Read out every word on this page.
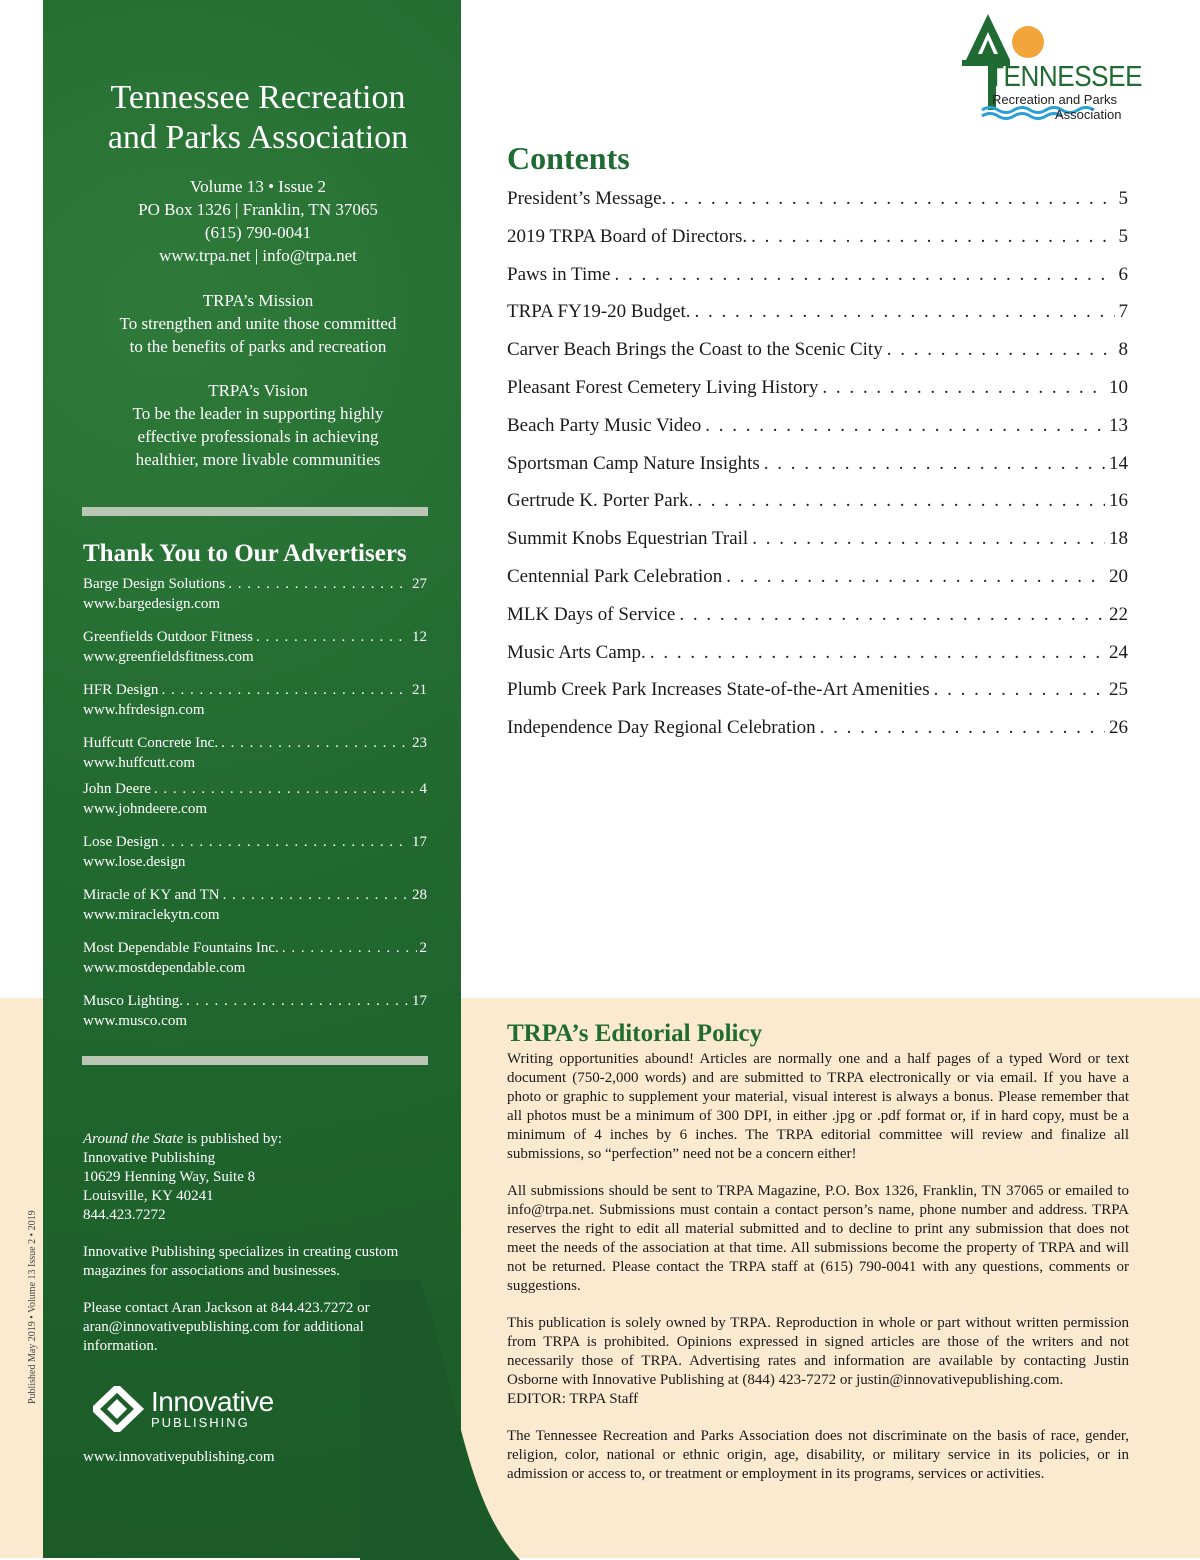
Published May 2019 • Volume 13 Issue 2 • 2019
Tennessee Recreation
and Parks Association
Volume 13 • Issue 2
PO Box 1326 | Franklin, TN 37065
(615) 790-0041
www.trpa.net | info@trpa.net
TRPA’s Mission
To strengthen and unite those committed
to the benefits of parks and recreation
TRPA’s Vision
To be the leader in supporting highly
effective professionals in achieving
healthier, more livable communities
Thank You to Our Advertisers
Barge Design Solutions . . .	27
www.bargedesign.com
Greenfields Outdoor Fitness . . .	12
www.greenfieldsfitness.com
HFR Design . . .	21
www.hfrdesign.com
Huffcutt Concrete Inc. . . .	23
www.huffcutt.com
John Deere . . .	4
www.johndeere.com
Lose Design . . .	17
www.lose.design
Miracle of KY and TN . . .	28
www.miraclekytn.com
Most Dependable Fountains Inc. . . .	2
www.mostdependable.com
Musco Lighting. . . .	17
www.musco.com

Around the State is published by:
Innovative Publishing
10629 Henning Way, Suite 8
Louisville, KY 40241
844.423.7272

Innovative Publishing specializes in creating custom magazines for associations and businesses.

Please contact Aran Jackson at 844.423.7272 or aran@innovativepublishing.com for additional information.

Innovative
PUBLISHING
www.innovativepublishing.com
TENNESSEE
Recreation and Parks
Association
Contents
President’s Message. . . .	5
2019 TRPA Board of Directors. . . .	5
Paws in Time . . .	6
TRPA FY19-20 Budget. . . .	7
Carver Beach Brings the Coast to the Scenic City . . .	8
Pleasant Forest Cemetery Living History . . .	10
Beach Party Music Video . . .	13
Sportsman Camp Nature Insights . . .	14
Gertrude K. Porter Park. . . .	16
Summit Knobs Equestrian Trail . . .	18
Centennial Park Celebration . . .	20
MLK Days of Service . . .	22
Music Arts Camp. . . .	24
Plumb Creek Park Increases State-of-the-Art Amenities . . .	25
Independence Day Regional Celebration . . .	26
TRPA’s Editorial Policy

Writing opportunities abound! Articles are normally one and a half pages of a typed Word or text document (750-2,000 words) and are submitted to TRPA electronically or via email. If you have a photo or graphic to supplement your material, visual interest is always a bonus. Please remember that all photos must be a minimum of 300 DPI, in either .jpg or .pdf format or, if in hard copy, must be a minimum of 4 inches by 6 inches. The TRPA editorial committee will review and finalize all submissions, so “perfection” need not be a concern either!

All submissions should be sent to TRPA Magazine, P.O. Box 1326, Franklin, TN 37065 or emailed to info@trpa.net. Submissions must contain a contact person’s name, phone number and address. TRPA reserves the right to edit all material submitted and to decline to print any submission that does not meet the needs of the association at that time. All submissions become the property of TRPA and will not be returned. Please contact the TRPA staff at (615) 790-0041 with any questions, comments or suggestions.

This publication is solely owned by TRPA. Reproduction in whole or part without written permission from TRPA is prohibited. Opinions expressed in signed articles are those of the writers and not necessarily those of TRPA. Advertising rates and information are available by contacting Justin Osborne with Innovative Publishing at (844) 423-7272 or justin@innovativepublishing.com.

EDITOR: TRPA Staff

The Tennessee Recreation and Parks Association does not discriminate on the basis of race, gender, religion, color, national or ethnic origin, age, disability, or military service in its policies, or in admission or access to, or treatment or employment in its programs, services or activities.
